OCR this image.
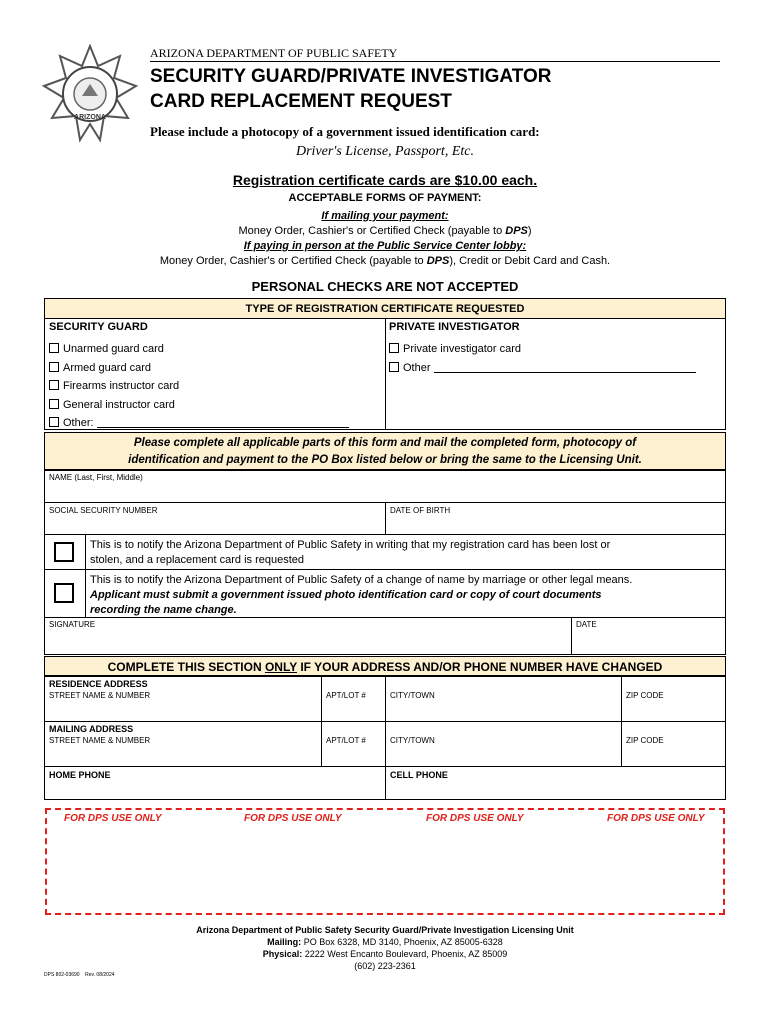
ARIZONA
ARIZONA DEPARTMENT OF PUBLIC SAFETY
SECURITY GUARD/PRIVATE INVESTIGATOR
CARD REPLACEMENT REQUEST
Please include a photocopy of a government issued identification card:
Driver's License, Passport, Etc.
Registration certificate cards are $10.00 each.
ACCEPTABLE FORMS OF PAYMENT:
If mailing your payment:
Money Order, Cashier's or Certified Check (payable to DPS)
If paying in person at the Public Service Center lobby:
Money Order, Cashier's or Certified Check (payable to DPS), Credit or Debit Card and Cash.
PERSONAL CHECKS ARE NOT ACCEPTED
TYPE OF REGISTRATION CERTIFICATE REQUESTED
SECURITY GUARD
Unarmed guard card
Armed guard card
Firearms instructor card
General instructor card
Other:
PRIVATE INVESTIGATOR
Private investigator card
Other
Please complete all applicable parts of this form and mail the completed form, photocopy of
identification and payment to the PO Box listed below or bring the same to the Licensing Unit.
NAME (Last, First, Middle)
SOCIAL SECURITY NUMBER	DATE OF BIRTH
This is to notify the Arizona Department of Public Safety in writing that my registration card has been lost or
stolen, and a replacement card is requested
This is to notify the Arizona Department of Public Safety of a change of name by marriage or other legal means.
Applicant must submit a government issued photo identification card or copy of court documents
recording the name change.
SIGNATURE	DATE
COMPLETE THIS SECTION ONLY IF YOUR ADDRESS AND/OR PHONE NUMBER HAVE CHANGED
RESIDENCE ADDRESS
STREET NAME & NUMBER	APT/LOT #	CITY/TOWN	ZIP CODE
MAILING ADDRESS
STREET NAME & NUMBER	APT/LOT #	CITY/TOWN	ZIP CODE
HOME PHONE	CELL PHONE
FOR DPS USE ONLY	FOR DPS USE ONLY	FOR DPS USE ONLY	FOR DPS USE ONLY
Arizona Department of Public Safety Security Guard/Private Investigation Licensing Unit
Mailing: PO Box 6328, MD 3140, Phoenix, AZ 85005-6328
Physical: 2222 West Encanto Boulevard, Phoenix, AZ 85009
(602) 223-2361
DPS 802-03690    Rev. 08/2024
